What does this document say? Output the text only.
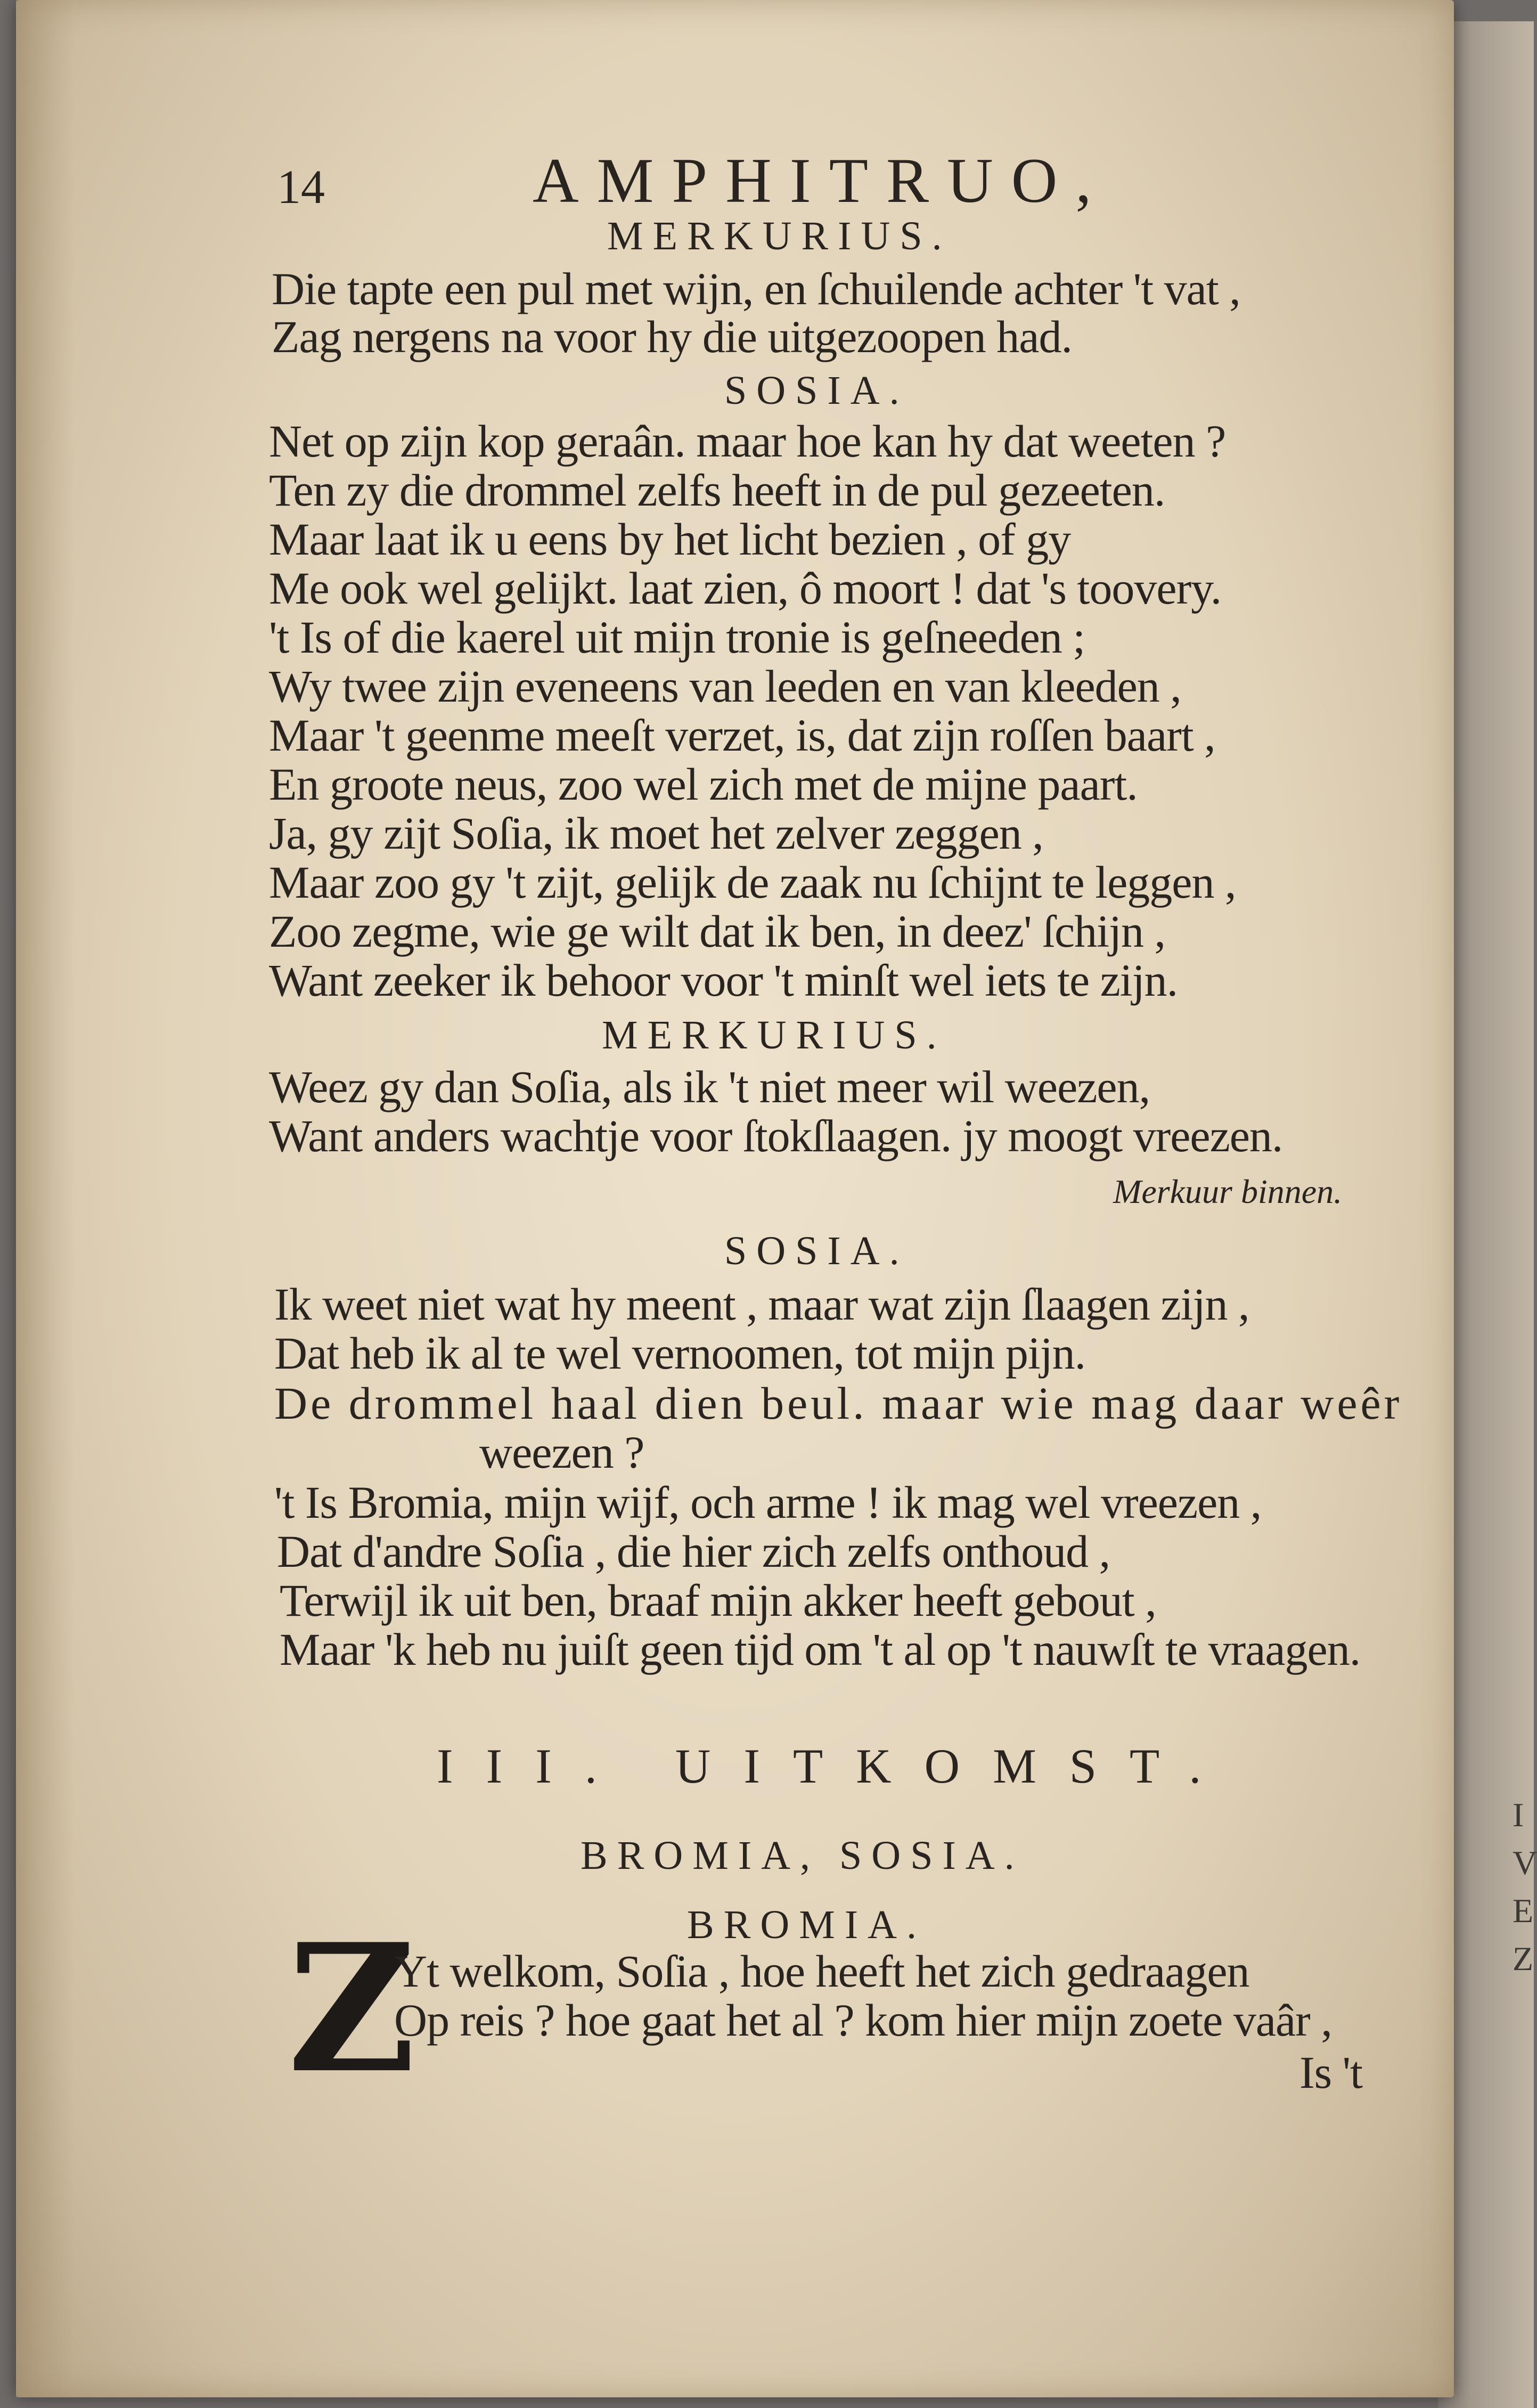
I
V
E
Z
14	AMPHITRUO,
MERKURIUS.
Die tapte een pul met wijn, en ſchuilende achter 't vat ,
Zag nergens na voor hy die uitgezoopen had.
SOSIA.
Net op zijn kop geraân. maar hoe kan hy dat weeten ?
Ten zy die drommel zelfs heeft in de pul gezeeten.
Maar laat ik u eens by het licht bezien , of gy
Me ook wel gelijkt. laat zien, ô moort ! dat 's toovery.
't Is of die kaerel uit mijn tronie is geſneeden ;
Wy twee zijn eveneens van leeden en van kleeden ,
Maar 't geenme meeſt verzet, is, dat zijn roſſen baart ,
En groote neus, zoo wel zich met de mijne paart.
Ja, gy zijt Soſia, ik moet het zelver zeggen ,
Maar zoo gy 't zijt, gelijk de zaak nu ſchijnt te leggen ,
Zoo zegme, wie ge wilt dat ik ben, in deez' ſchijn ,
Want zeeker ik behoor voor 't minſt wel iets te zijn.
MERKURIUS.
Weez gy dan Soſia, als ik 't niet meer wil weezen,
Want anders wachtje voor ſtokſlaagen. jy moogt vreezen.
Merkuur binnen.
SOSIA.
Ik weet niet wat hy meent , maar wat zijn ſlaagen zijn ,
Dat heb ik al te wel vernoomen, tot mijn pijn.
De drommel haal dien beul. maar wie mag daar weêr
weezen ?
't Is Bromia, mijn wijf, och arme ! ik mag wel vreezen ,
Dat d'andre Soſia , die hier zich zelfs onthoud ,
Terwijl ik uit ben, braaf mijn akker heeft gebout ,
Maar 'k heb nu juiſt geen tijd om 't al op 't nauwſt te vraagen.
III. UITKOMST.
BROMIA, SOSIA.
BROMIA.
Z
Yt welkom, Soſia , hoe heeft het zich gedraagen
Op reis ? hoe gaat het al ? kom hier mijn zoete vaâr ,
Is 't
